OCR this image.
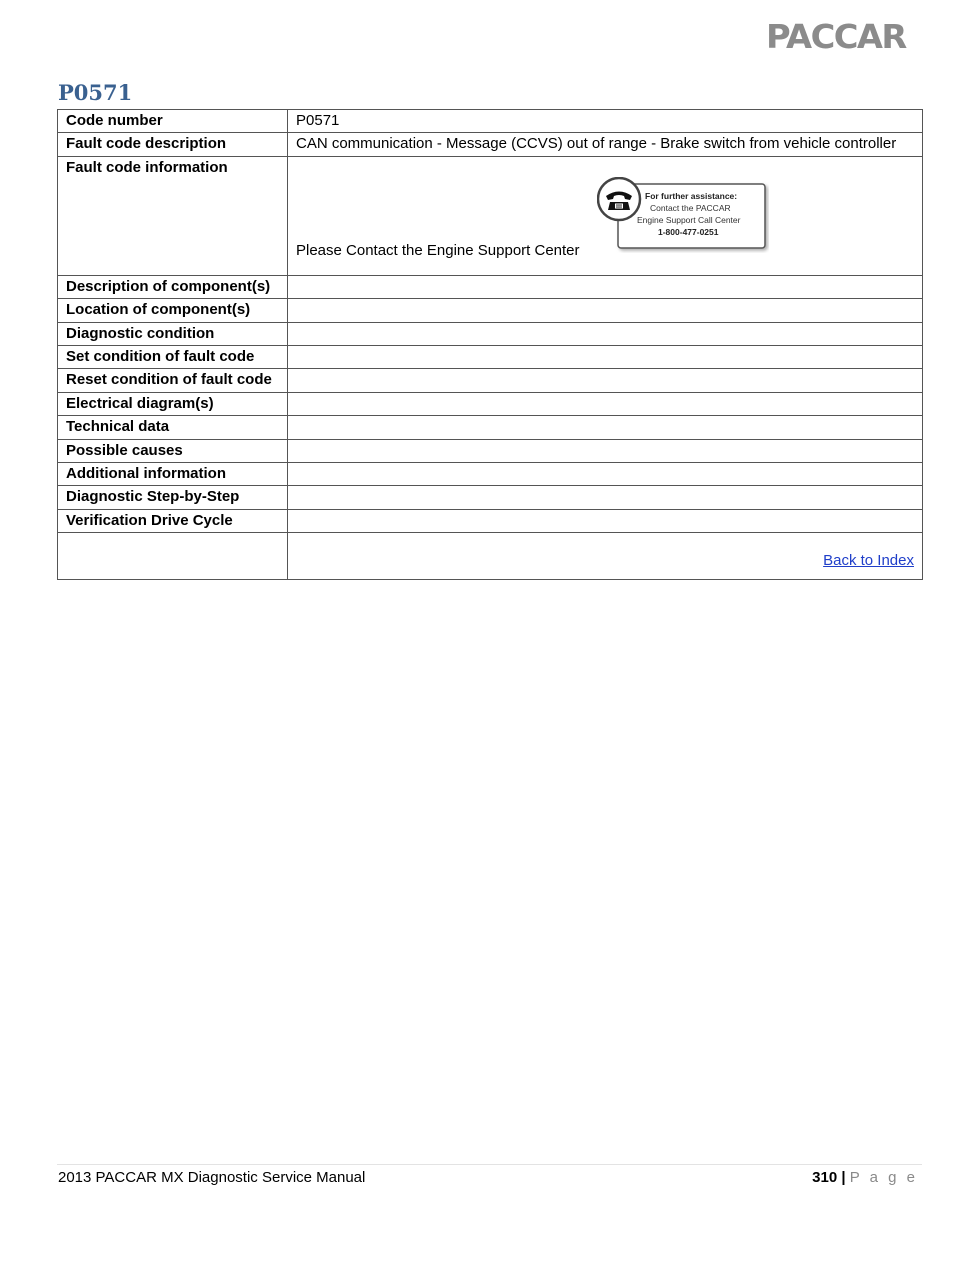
PACCAR
P0571
Code number	P0571
Fault code description	CAN communication - Message (CCVS) out of range - Brake switch from vehicle controller
Fault code information	Please Contact the Engine Support Center
For further assistance:
Contact the PACCAR
Engine Support Call Center
1-800-477-0251

Description of component(s)	
Location of component(s)	
Diagnostic condition	
Set condition of fault code	
Reset condition of fault code	
Electrical diagram(s)	
Technical data	
Possible causes	
Additional information	
Diagnostic Step-by-Step	
Verification Drive Cycle	
	Back to Index
2013 PACCAR MX Diagnostic Service Manual	310 | P a g e
